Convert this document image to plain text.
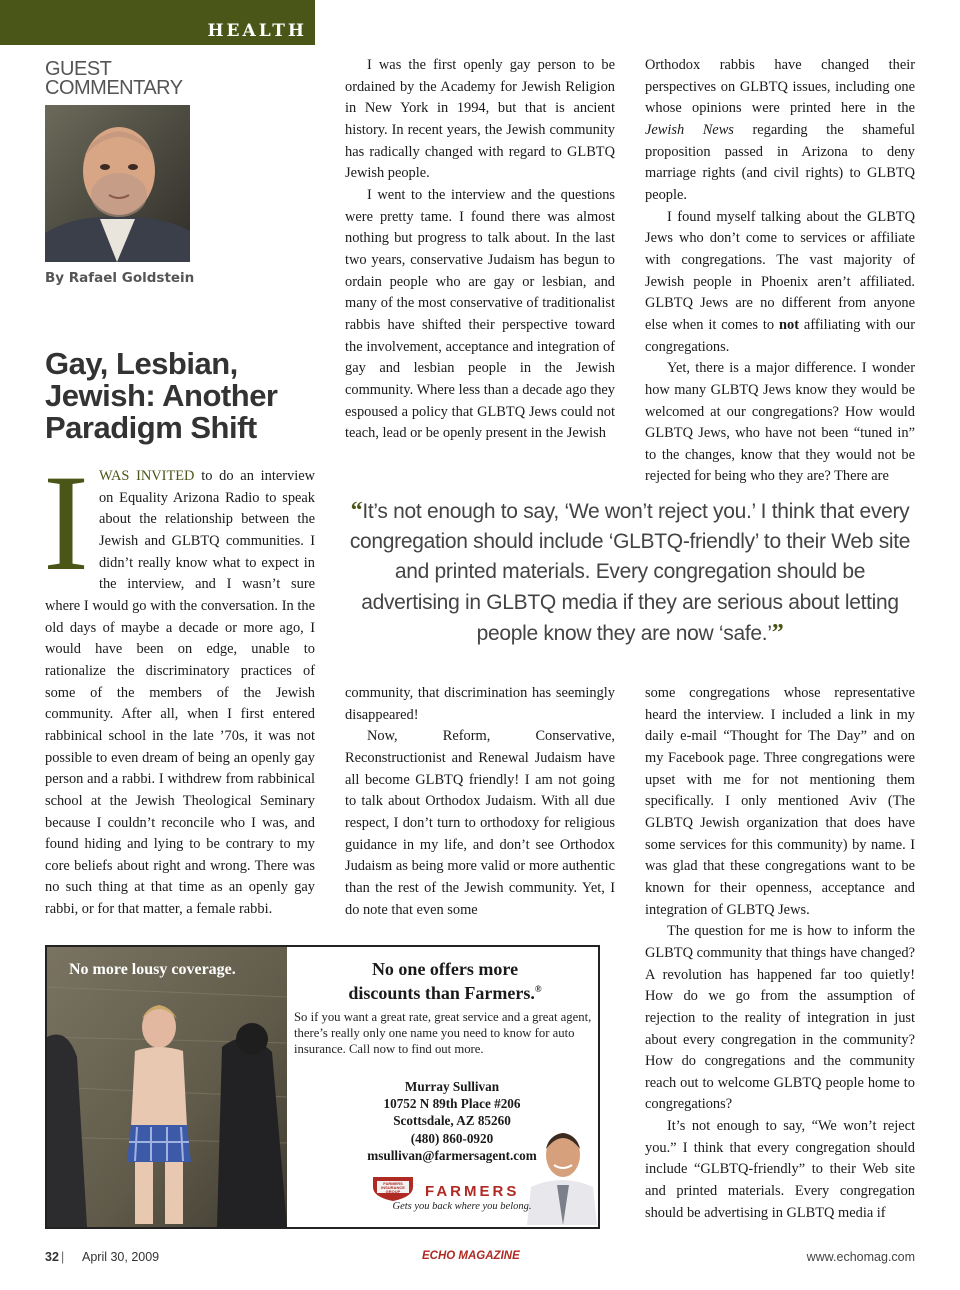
HEALTH
GUEST
COMMENTARY
By Rafael Goldstein
Gay, Lesbian,
Jewish: Another
Paradigm Shift

IWAS INVITED to do an interview on Equality Arizona Radio to speak about the relationship between the Jewish and GLBTQ communities. I didn’t really know what to expect in the interview, and I wasn’t sure where I would go with the conversation. In the old days of maybe a decade or more ago, I would have been on edge, unable to rationalize the discriminatory practices of some of the members of the Jewish community. After all, when I first entered rabbinical school in the late ’70s, it was not possible to even dream of being an openly gay person and a rabbi. I withdrew from rabbinical school at the Jewish Theological Seminary because I couldn’t reconcile who I was, and found hiding and lying to be contrary to my core beliefs about right and wrong. There was no such thing at that time as an openly gay rabbi, or for that matter, a female rabbi.

I was the first openly gay person to be ordained by the Academy for Jewish Religion in New York in 1994, but that is ancient history. In recent years, the Jewish community has radically changed with regard to GLBTQ Jewish people.

I went to the interview and the questions were pretty tame. I found there was almost nothing but progress to talk about. In the last two years, conservative Judaism has begun to ordain people who are gay or lesbian, and many of the most conservative of traditionalist rabbis have shifted their perspective toward the involvement, acceptance and integration of gay and lesbian people in the Jewish community. Where less than a decade ago they espoused a policy that GLBTQ Jews could not teach, lead or be openly present in the Jewish

Orthodox rabbis have changed their perspectives on GLBTQ issues, including one whose opinions were printed here in the Jewish News regarding the shameful proposition passed in Arizona to deny marriage rights (and civil rights) to GLBTQ people.

I found myself talking about the GLBTQ Jews who don’t come to services or affiliate with congregations. The vast majority of Jewish people in Phoenix aren’t affiliated. GLBTQ Jews are no different from anyone else when it comes to not affiliating with our congregations.

Yet, there is a major difference. I wonder how many GLBTQ Jews know they would be welcomed at our congregations? How would GLBTQ Jews, who have not been “tuned in” to the changes, know that they would not be rejected for being who they are? There are

“It’s not enough to say, ‘We won’t reject you.’ I think that every congregation should include ‘GLBTQ-friendly’ to their Web site and printed materials. Every congregation should be advertising in GLBTQ media if they are serious about letting people know they are now ‘safe.’”

community, that discrimination has seemingly disappeared!

Now, Reform, Conservative, Reconstructionist and Renewal Judaism have all become GLBTQ friendly! I am not going to talk about Orthodox Judaism. With all due respect, I don’t turn to orthodoxy for religious guidance in my life, and don’t see Orthodox Judaism as being more valid or more authentic than the rest of the Jewish community. Yet, I do note that even some

some congregations whose representative heard the interview. I included a link in my daily e-mail “Thought for The Day” and on my Facebook page. Three congregations were upset with me for not mentioning them specifically. I only mentioned Aviv (The GLBTQ Jewish organization that does have some services for this community) by name. I was glad that these congregations want to be known for their openness, acceptance and integration of GLBTQ Jews.

The question for me is how to inform the GLBTQ community that things have changed? A revolution has happened far too quietly! How do we go from the assumption of rejection to the reality of integration in just about every congregation in the community? How do congregations and the community reach out to welcome GLBTQ people home to congregations?

It’s not enough to say, “We won’t reject you.” I think that every congregation should include “GLBTQ-friendly” to their Web site and printed materials. Every congregation should be advertising in GLBTQ media if

No more lousy coverage.	No one offers more
discounts than Farmers.®
So if you want a great rate, great service and a great agent, there’s really only one name you need to know for auto insurance. Call now to find out more.
Murray Sullivan
10752 N 89th Place #206
Scottsdale, AZ 85260
(480) 860-0920
msullivan@farmersagent.com
FARMERS
INSURANCE
GROUP FARMERS
Gets you back where you belong.
32 | April 30, 2009	ECHO MAGAZINE	www.echomag.com
